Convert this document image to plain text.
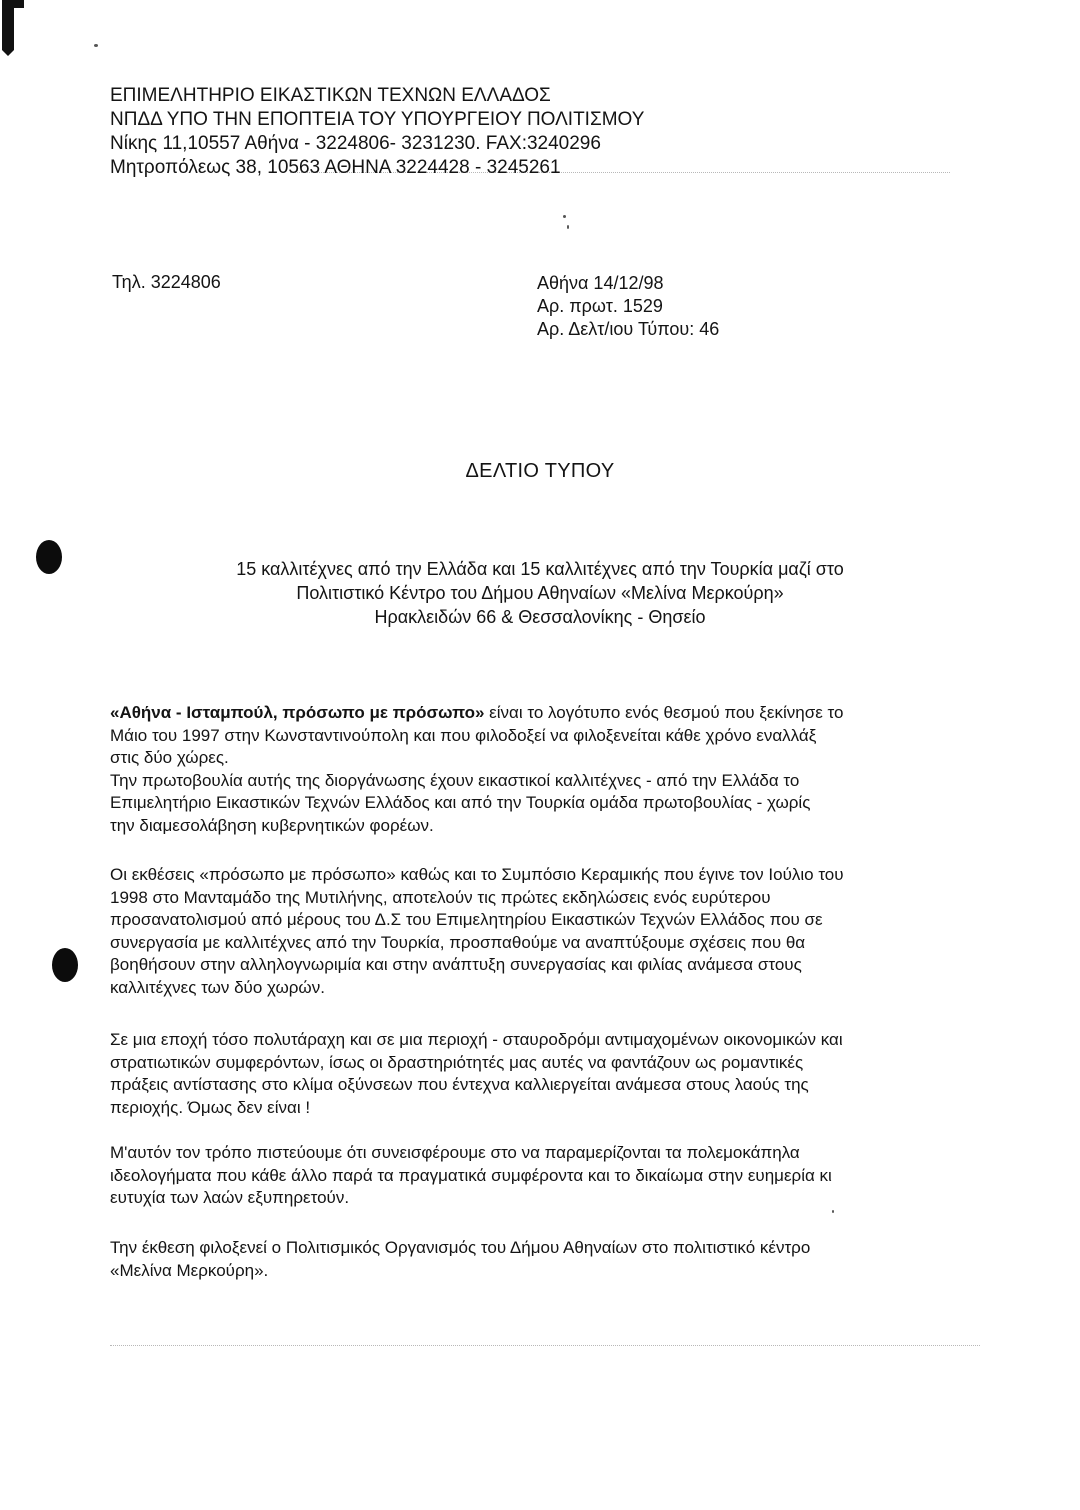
ΕΠΙΜΕΛΗΤΗΡΙΟ ΕΙΚΑΣΤΙΚΩΝ ΤΕΧΝΩΝ ΕΛΛΑΔΟΣ
ΝΠΔΔ ΥΠΟ ΤΗΝ ΕΠΟΠΤΕΙΑ ΤΟΥ ΥΠΟΥΡΓΕΙΟΥ ΠΟΛΙΤΙΣΜΟΥ
Νίκης 11,10557 Αθήνα - 3224806- 3231230. FAX:3240296
Μητροπόλεως 38, 10563 ΑΘΗΝΑ 3224428 - 3245261
Τηλ. 3224806	Αθήνα 14/12/98
Αρ. πρωτ. 1529
Αρ. Δελτ/ιου Τύπου: 46
ΔΕΛΤΙΟ ΤΥΠΟΥ
15 καλλιτέχνες από την Ελλάδα και 15 καλλιτέχνες από την Τουρκία μαζί στο
Πολιτιστικό Κέντρο του Δήμου Αθηναίων «Μελίνα Μερκούρη»
Ηρακλειδών 66 & Θεσσαλονίκης - Θησείο
«Αθήνα - Ισταμπούλ, πρόσωπο με πρόσωπο» είναι το λογότυπο ενός θεσμού που ξεκίνησε το
Μάιο του 1997 στην Κωνσταντινούπολη και που φιλοδοξεί να φιλοξενείται κάθε χρόνο εναλλάξ
στις δύο χώρες.
Την πρωτοβουλία αυτής της διοργάνωσης έχουν εικαστικοί καλλιτέχνες - από την Ελλάδα το
Επιμελητήριο Εικαστικών Τεχνών Ελλάδος και από την Τουρκία ομάδα πρωτοβουλίας - χωρίς
την διαμεσολάβηση κυβερνητικών φορέων.
Οι εκθέσεις «πρόσωπο με πρόσωπο» καθώς και το Συμπόσιο Κεραμικής που έγινε τον Ιούλιο του
1998 στο Μανταμάδο της Μυτιλήνης, αποτελούν τις πρώτες εκδηλώσεις ενός ευρύτερου
προσανατολισμού από μέρους του Δ.Σ του Επιμελητηρίου Εικαστικών Τεχνών Ελλάδος που σε
συνεργασία με καλλιτέχνες από την Τουρκία, προσπαθούμε να αναπτύξουμε σχέσεις που θα
βοηθήσουν στην αλληλογνωριμία και στην ανάπτυξη συνεργασίας και φιλίας ανάμεσα στους
καλλιτέχνες των δύο χωρών.
Σε μια εποχή τόσο πολυτάραχη και σε μια περιοχή - σταυροδρόμι αντιμαχομένων οικονομικών και
στρατιωτικών συμφερόντων, ίσως οι δραστηριότητές μας αυτές να φαντάζουν ως ρομαντικές
πράξεις αντίστασης στο κλίμα οξύνσεων που έντεχνα καλλιεργείται ανάμεσα στους λαούς της
περιοχής. Όμως δεν είναι !
Μ'αυτόν τον τρόπο πιστεύουμε ότι συνεισφέρουμε στο να παραμερίζονται τα πολεμοκάπηλα
ιδεολογήματα που κάθε άλλο παρά τα πραγματικά συμφέροντα και το δικαίωμα στην ευημερία κι
ευτυχία των λαών εξυπηρετούν.
Την έκθεση φιλοξενεί ο Πολιτισμικός Οργανισμός του Δήμου Αθηναίων στο πολιτιστικό κέντρο
«Μελίνα Μερκούρη».
